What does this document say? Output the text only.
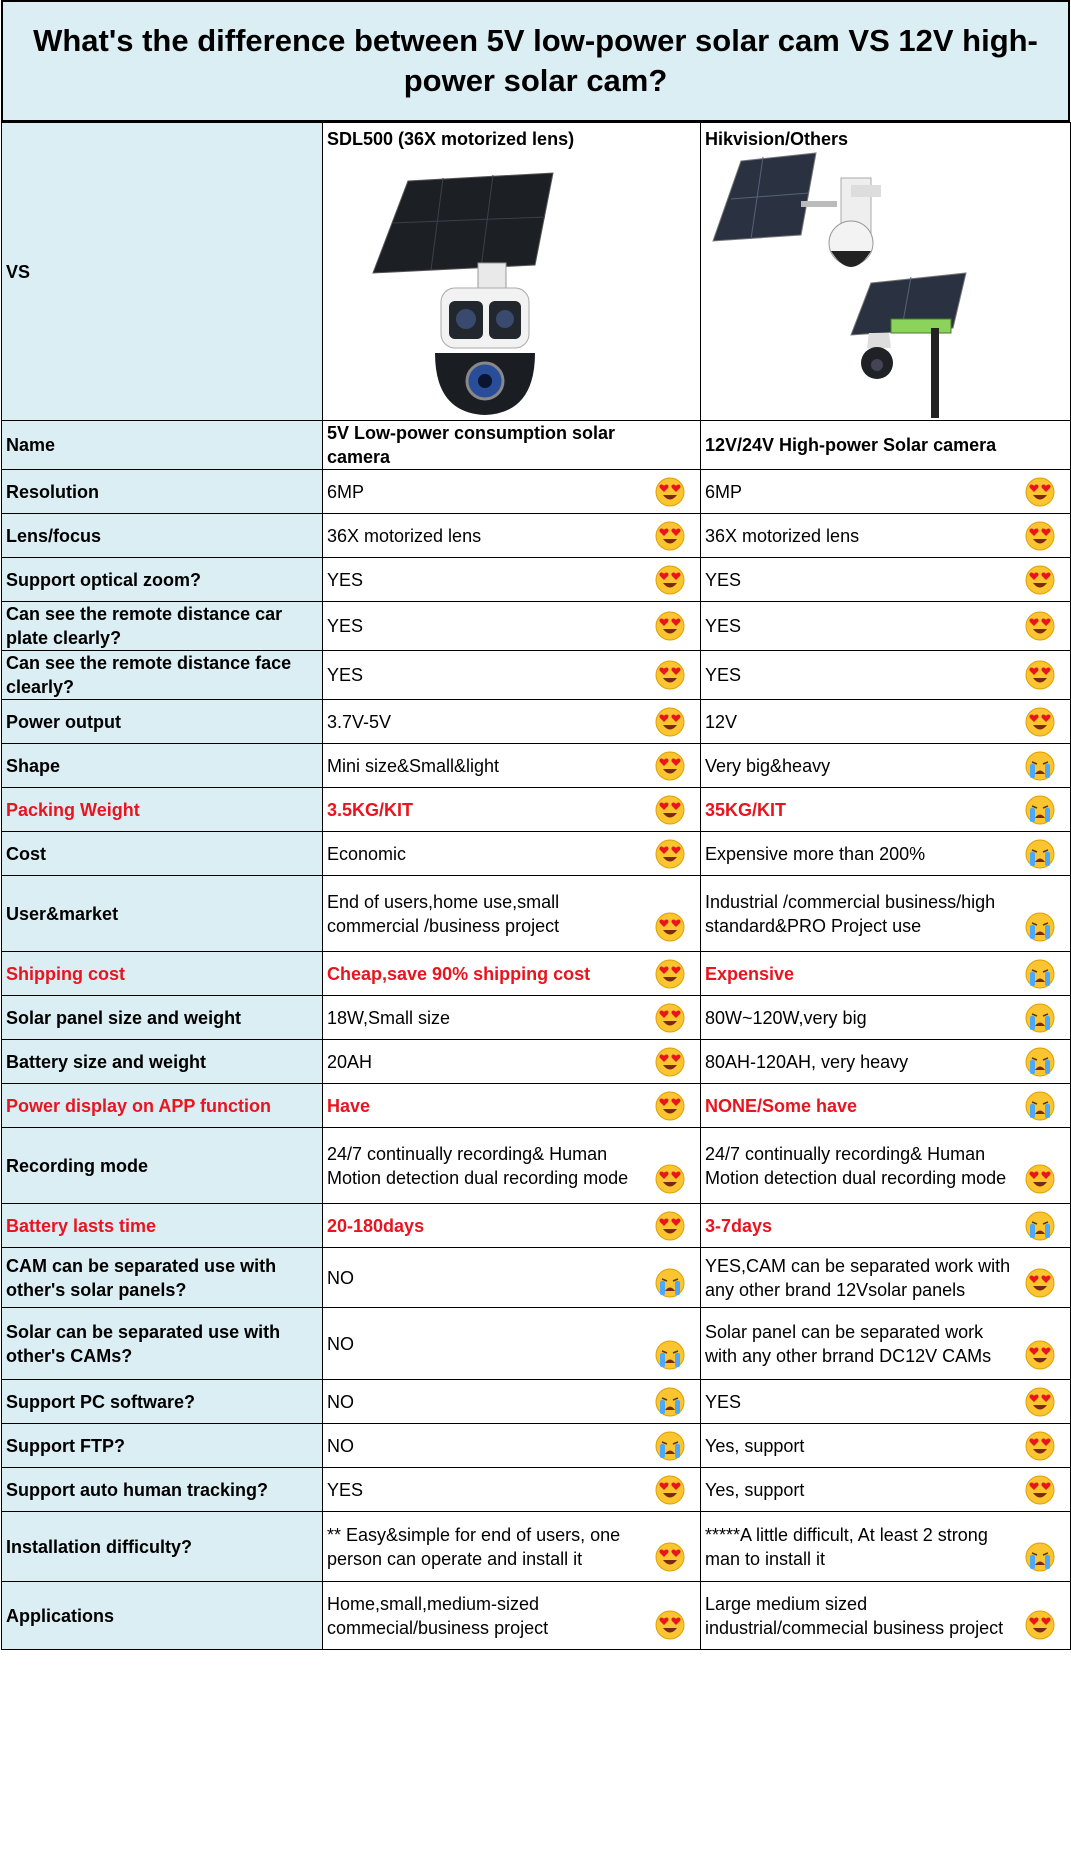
What's the difference between 5V low-power solar cam VS 12V high-power solar cam?
VS	SDL500 (36X motorized lens)	Hikvision/Others

Name	5V Low-power consumption solar camera	12V/24V High-power Solar camera
Resolution	6MP	6MP

Lens/focus	36X motorized lens	36X motorized lens

Support optical zoom?	YES	YES

Can see the remote distance car plate clearly?	YES	YES

Can see the remote distance face clearly?	YES	YES

Power output	3.7V-5V	12V

Shape	Mini size&Small&light	Very big&heavy

Packing Weight	3.5KG/KIT	35KG/KIT

Cost	Economic	Expensive more than 200%

User&market	End of users,home use,small commercial /business project	Industrial /commercial business/high standard&PRO Project use

Shipping cost	Cheap,save 90% shipping cost	Expensive

Solar panel size and weight	18W,Small size	80W~120W,very big

Battery size and weight	20AH	80AH-120AH, very heavy

Power display on APP function	Have	NONE/Some have

Recording mode	24/7 continually recording& Human Motion detection dual recording mode	24/7 continually recording& Human Motion detection dual recording mode

Battery lasts time	20-180days	3-7days

CAM can be separated use with other's solar panels?	NO	YES,CAM can be separated work with any other brand 12Vsolar panels

Solar can be separated use with other's CAMs?	NO	Solar panel can be separated work with any other brrand DC12V CAMs

Support PC software?	NO	YES

Support FTP?	NO	Yes, support

Support auto human tracking?	YES	Yes, support

Installation difficulty?	** Easy&simple for end of users, one person can operate and install it	*****A little difficult, At least 2 strong man to install it

Applications	Home,small,medium-sized commecial/business project	Large medium sized industrial/commecial business project
